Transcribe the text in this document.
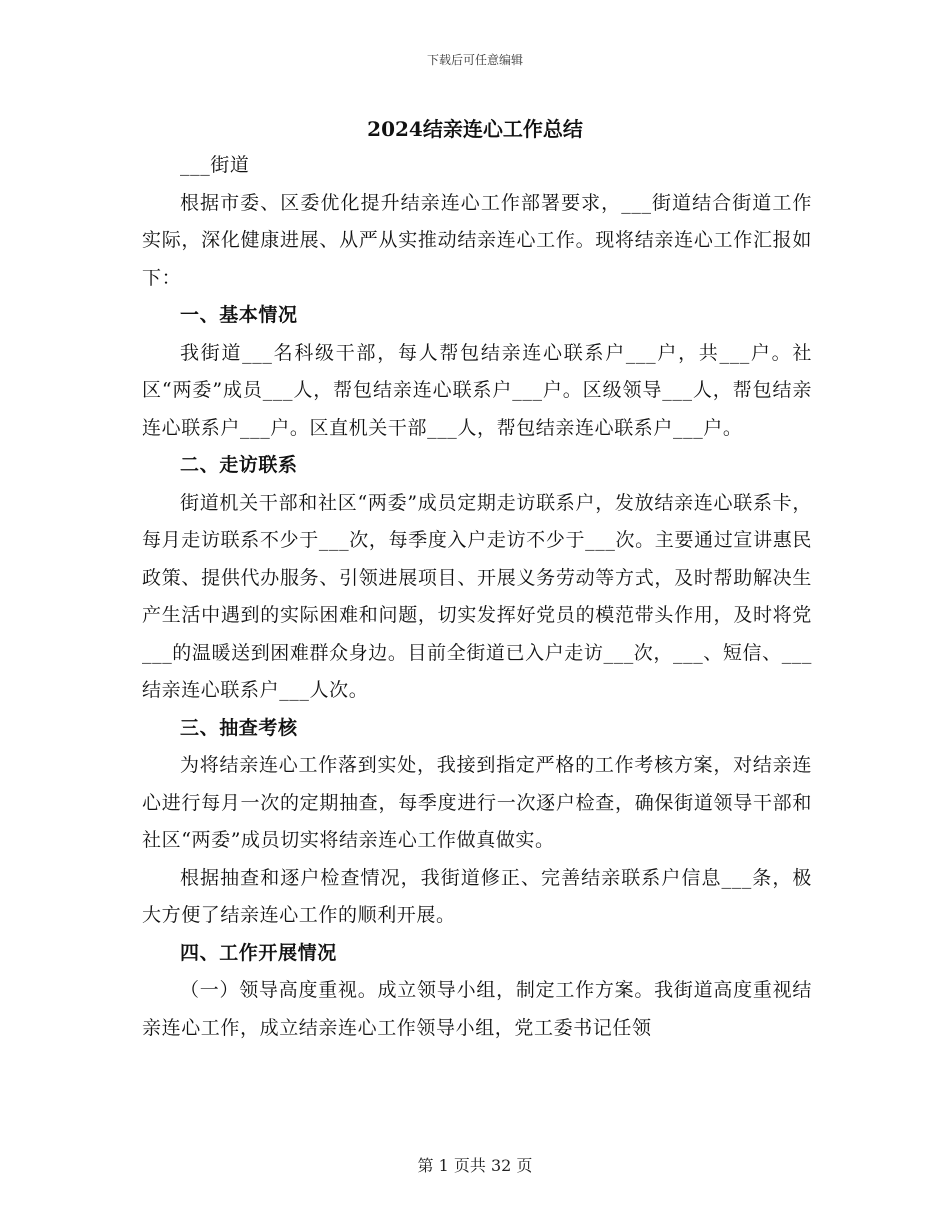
下载后可任意编辑
2024结亲连心工作总结

___街道

根据市委、区委优化提升结亲连心工作部署要求，___街道结合街道工作实际，深化健康进展、从严从实推动结亲连心工作。现将结亲连心工作汇报如下：

一、基本情况

我街道___名科级干部，每人帮包结亲连心联系户___户，共___户。社区“两委”成员___人，帮包结亲连心联系户___户。区级领导___人，帮包结亲连心联系户___户。区直机关干部___人，帮包结亲连心联系户___户。

二、走访联系

街道机关干部和社区“两委”成员定期走访联系户，发放结亲连心联系卡，每月走访联系不少于___次，每季度入户走访不少于___次。主要通过宣讲惠民政策、提供代办服务、引领进展项目、开展义务劳动等方式，及时帮助解决生产生活中遇到的实际困难和问题，切实发挥好党员的模范带头作用，及时将党___的温暖送到困难群众身边。目前全街道已入户走访___次，___、短信、___结亲连心联系户___人次。

三、抽查考核

为将结亲连心工作落到实处，我接到指定严格的工作考核方案，对结亲连心进行每月一次的定期抽查，每季度进行一次逐户检查，确保街道领导干部和社区“两委”成员切实将结亲连心工作做真做实。

根据抽查和逐户检查情况，我街道修正、完善结亲联系户信息___条，极大方便了结亲连心工作的顺利开展。

四、工作开展情况

（一）领导高度重视。成立领导小组，制定工作方案。我街道高度重视结亲连心工作，成立结亲连心工作领导小组，党工委书记任领

第 1 页共 32 页
